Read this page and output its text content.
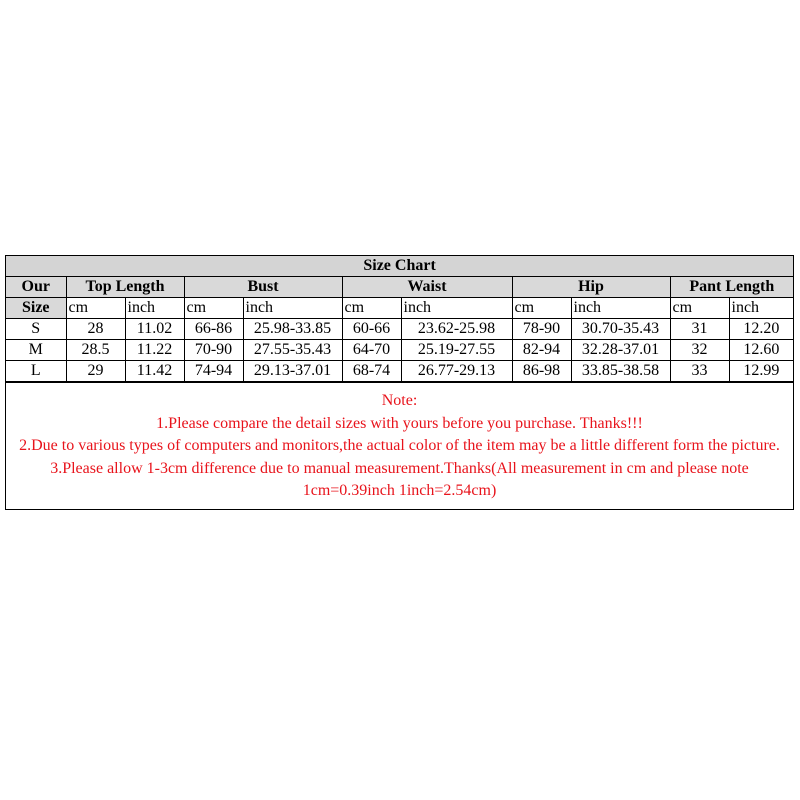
Size Chart										
Our	Top Length		Bust		Waist		Hip		Pant Length	
Size	cm	inch	cm	inch	cm	inch	cm	inch	cm	inch
S	28	11.02	66-86	25.98-33.85	60-66	23.62-25.98	78-90	30.70-35.43	31	12.20
M	28.5	11.22	70-90	27.55-35.43	64-70	25.19-27.55	82-94	32.28-37.01	32	12.60
L	29	11.42	74-94	29.13-37.01	68-74	26.77-29.13	86-98	33.85-38.58	33	12.99
Note:
1.Please compare the detail sizes with yours before you purchase. Thanks!!!
2.Due to various types of computers and monitors,the actual color of the item may be a little different form the picture.
3.Please allow 1-3cm difference due to manual measurement.Thanks(All measurement in cm and please note 1cm=0.39inch 1inch=2.54cm)
